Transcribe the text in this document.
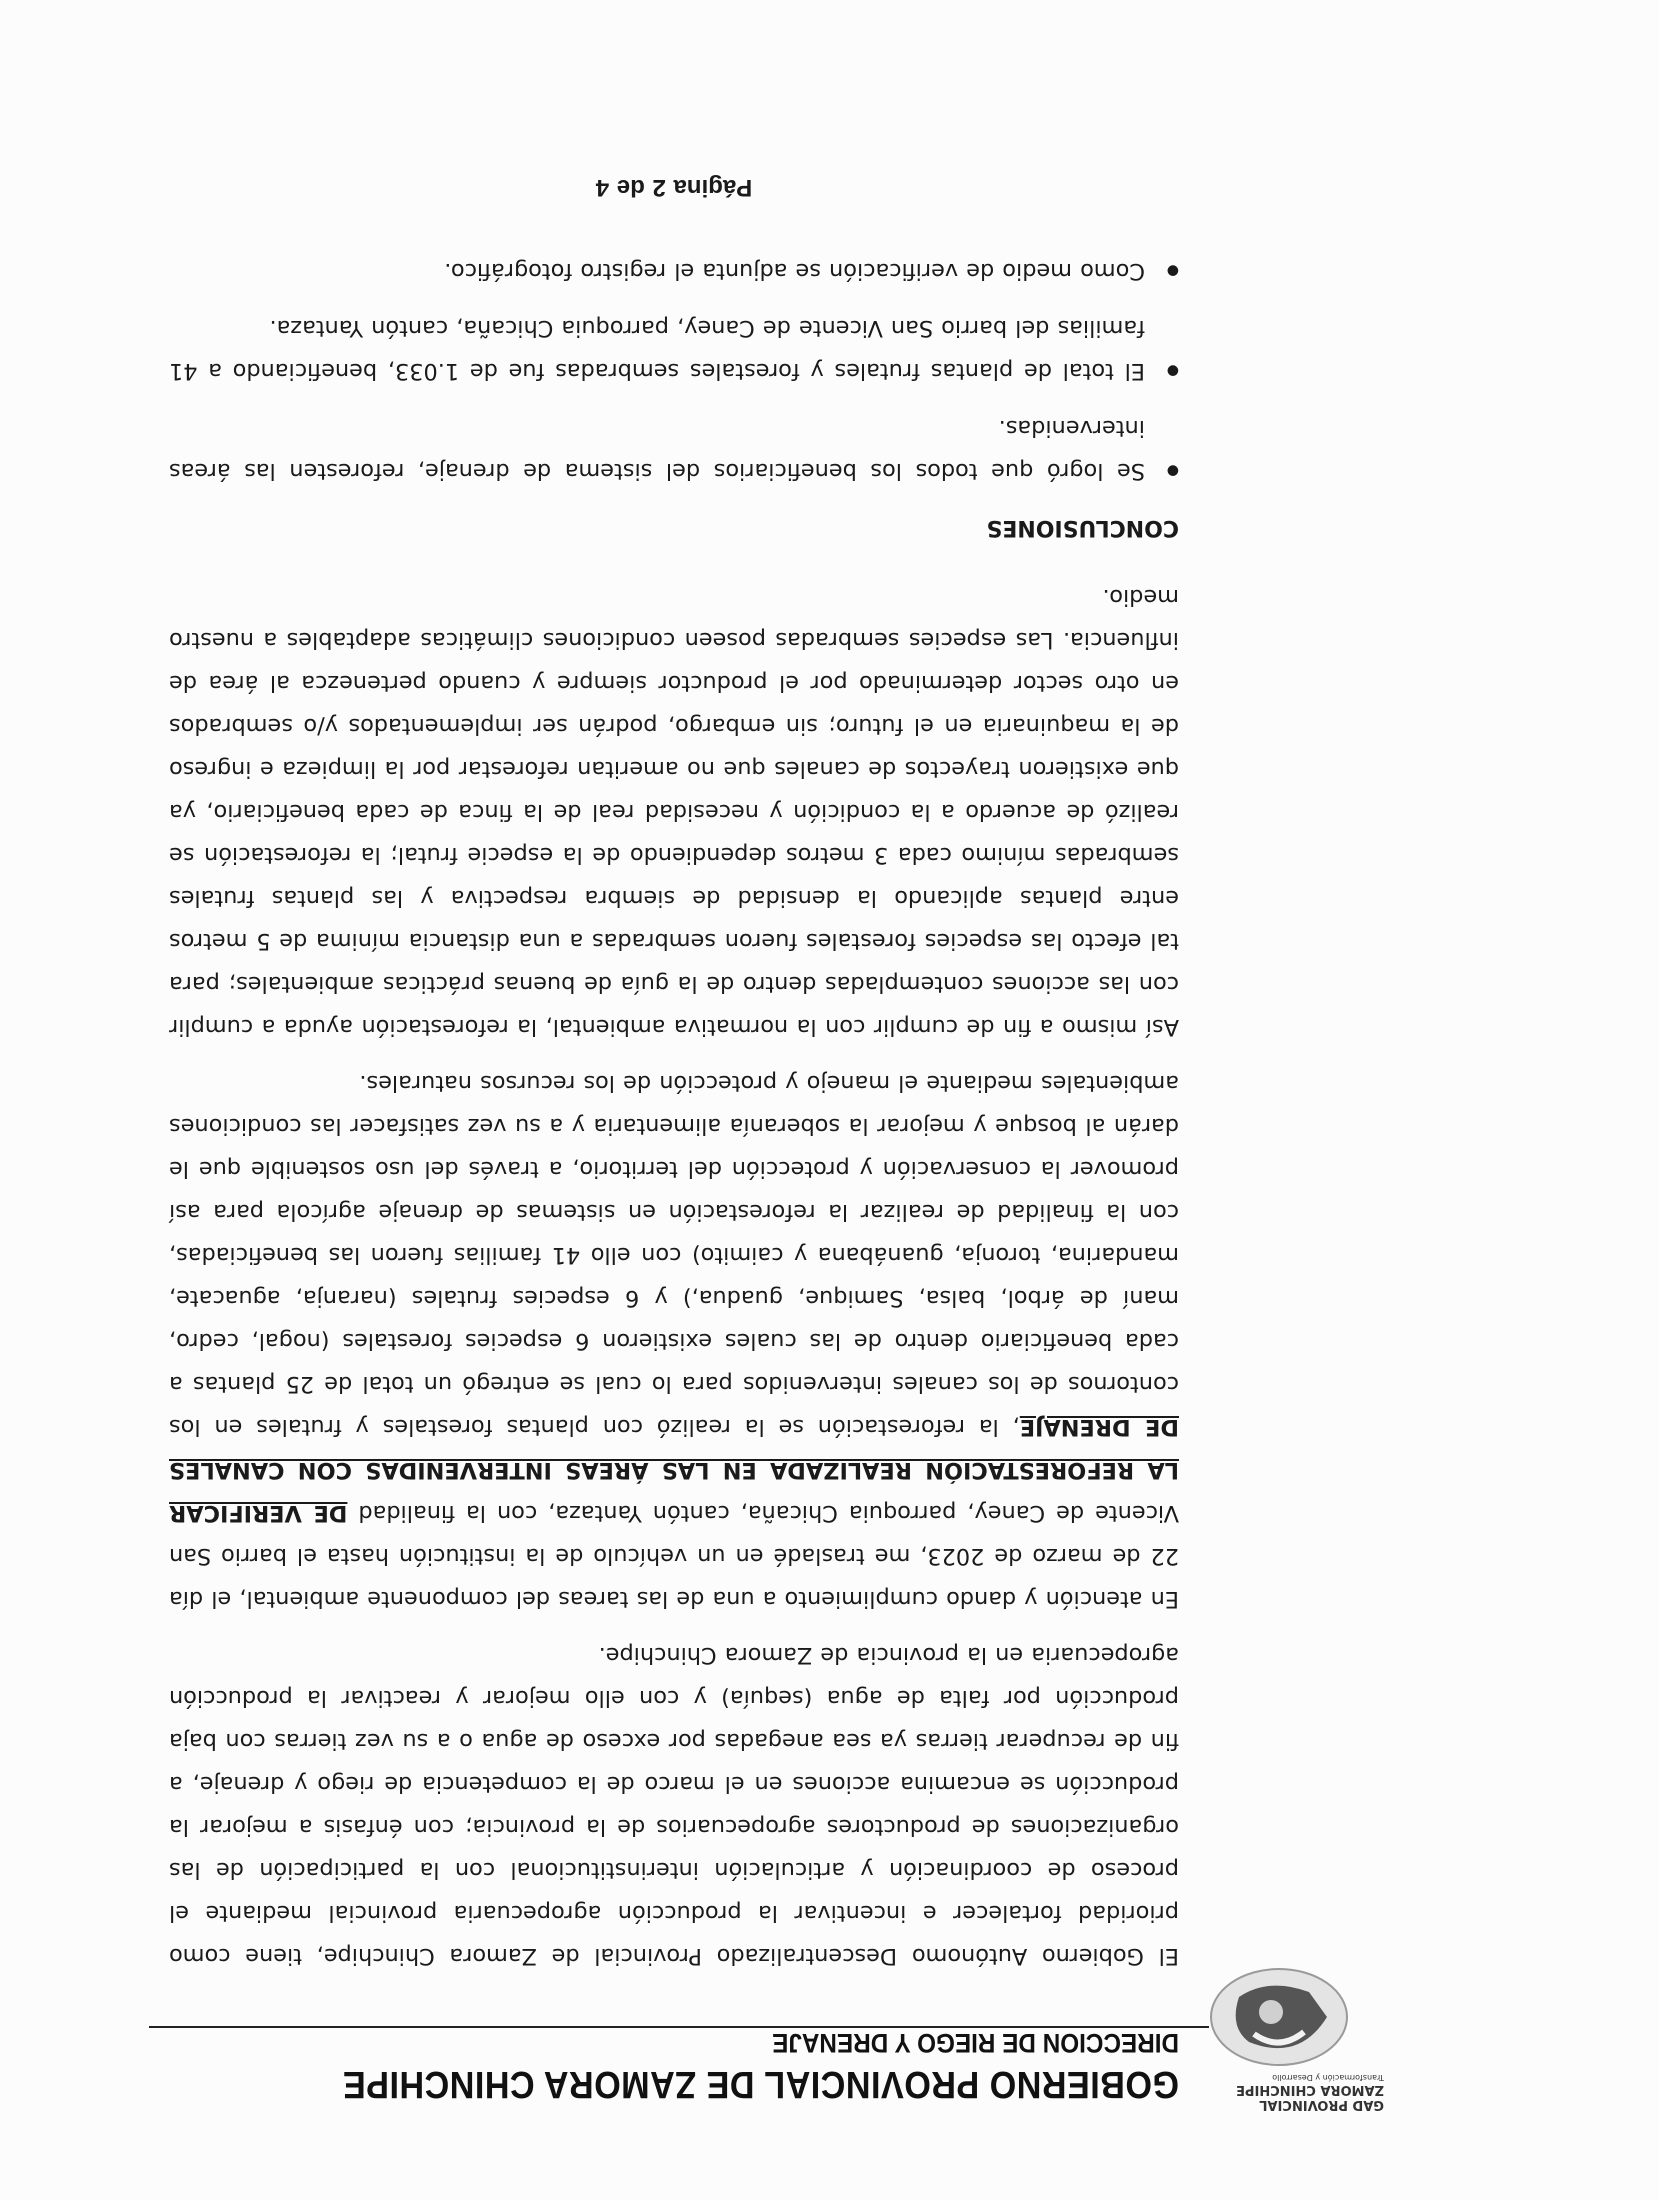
GAD PROVINCIAL
ZAMORA CHINCHIPE
Transformación y Desarrollo
GOBIERNO PROVINCIAL DE ZAMORA CHINCHIPE
DIRECCION DE RIEGO Y DRENAJE

El Gobierno Autónomo Descentralizado Provincial de Zamora Chinchipe, tiene como prioridad fortalecer e incentivar la producción agropecuaria provincial mediante el proceso de coordinación y articulación interinstitucional con la participación de las organizaciones de productores agropecuarios de la provincia; con énfasis a mejorar la producción se encamina acciones en el marco de la competencia de riego y drenaje, a fin de recuperar tierras ya sea anegadas por exceso de agua o a su vez tierras con baja producción por falta de agua (sequía) y con ello mejorar y reactivar la producción agropecuaria en la provincia de Zamora Chinchipe.

En atención y dando cumplimiento a una de las tareas del componente ambiental, el día 22 de marzo de 2023, me trasladé en un vehículo de la institución hasta el barrio San Vicente de Caney, parroquia Chicaña, cantón Yantaza, con la finalidad DE VERIFICAR LA REFORESTACIÓN REALIZADA EN LAS ÁREAS INTERVENIDAS CON CANALES DE DRENAJE, la reforestación se la realizó con plantas forestales y frutales en los contornos de los canales intervenidos para lo cual se entregó un total de 25 plantas a cada beneficiario dentro de las cuales existieron 6 especies forestales (nogal, cedro, maní de árbol, balsa, Samique, guadua,) y 6 especies frutales (naranja, aguacate, mandarina, toronja, guanábana y caimito) con ello 41 familias fueron las beneficiadas, con la finalidad de realizar la reforestación en sistemas de drenaje agrícola para así promover la conservación y protección del territorio, a través del uso sostenible que le darán al bosque y mejorar la soberanía alimentaria y a su vez satisfacer las condiciones ambientales mediante el manejo y protección de los recursos naturales.

Así mismo a fin de cumplir con la normativa ambiental, la reforestación ayuda a cumplir con las acciones contempladas dentro de la guía de buenas prácticas ambientales; para tal efecto las especies forestales fueron sembradas a una distancia mínima de 5 metros entre plantas aplicando la densidad de siembra respectiva y las plantas frutales sembradas mínimo cada 3 metros dependiendo de la especie frutal; la reforestación se realizó de acuerdo a la condición y necesidad real de la finca de cada beneficiario, ya que existieron trayectos de canales que no ameritan reforestar por la limpieza e ingreso de la maquinaria en el futuro; sin embargo, podrán ser implementados y/o sembrados en otro sector determinado por el productor siempre y cuando pertenezca al área de influencia. Las especies sembradas poseen condiciones climáticas adaptables a nuestro medio.

CONCLUSIONES
● Se logró que todos los beneficiarios del sistema de drenaje, reforesten las áreas intervenidas.
● El total de plantas frutales y forestales sembradas fue de 1.033, beneficiando a 41 familias del barrio San Vicente de Caney, parroquia Chicaña, cantón Yantaza.
● Como medio de verificación se adjunta el registro fotográfico.
Página 2 de 4
